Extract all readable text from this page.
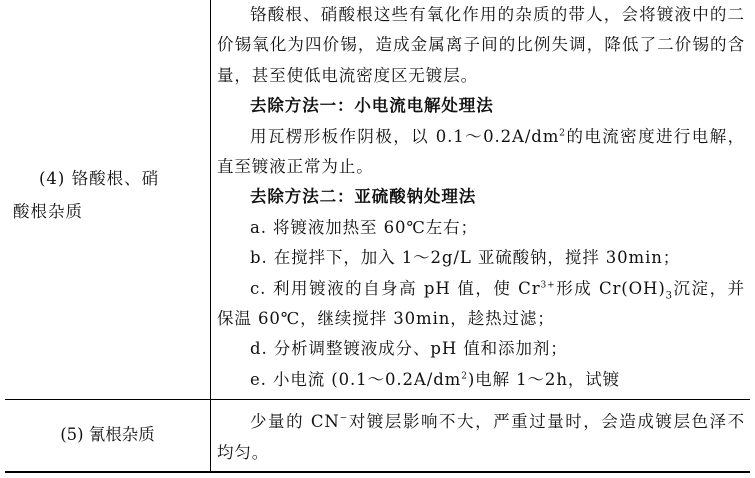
(4) 铬酸根、硝
酸根杂质

铬酸根、硝酸根这些有氧化作用的杂质的带人，会将镀液中的二价锡氧化为四价锡，造成金属离子间的比例失调，降低了二价锡的含量，甚至使低电流密度区无镀层。

去除方法一：小电流电解处理法

用瓦楞形板作阴极，以 $0.1\sim 0.2A/dm^2$的电流密度进行电解，直至镀液正常为止。

去除方法二：亚硫酸钠处理法

a. 将镀液加热至 60℃左右；

b. 在搅拌下，加入 1～2g/L 亚硫酸钠，搅拌 30min；

c. 利用镀液的自身高 pH 值，使 $Cr^{3+}$形成 $Cr(OH)_3$沉淀，并保温 60℃，继续搅拌 30min，趁热过滤；

d. 分析调整镀液成分、pH 值和添加剂；

e. 小电流 $(0.1\sim 0.2A/dm^2)$电解 1～2h，试镀

(5) 氰根杂质

少量的 CN−对镀层影响不大，严重过量时，会造成镀层色泽不均匀。
